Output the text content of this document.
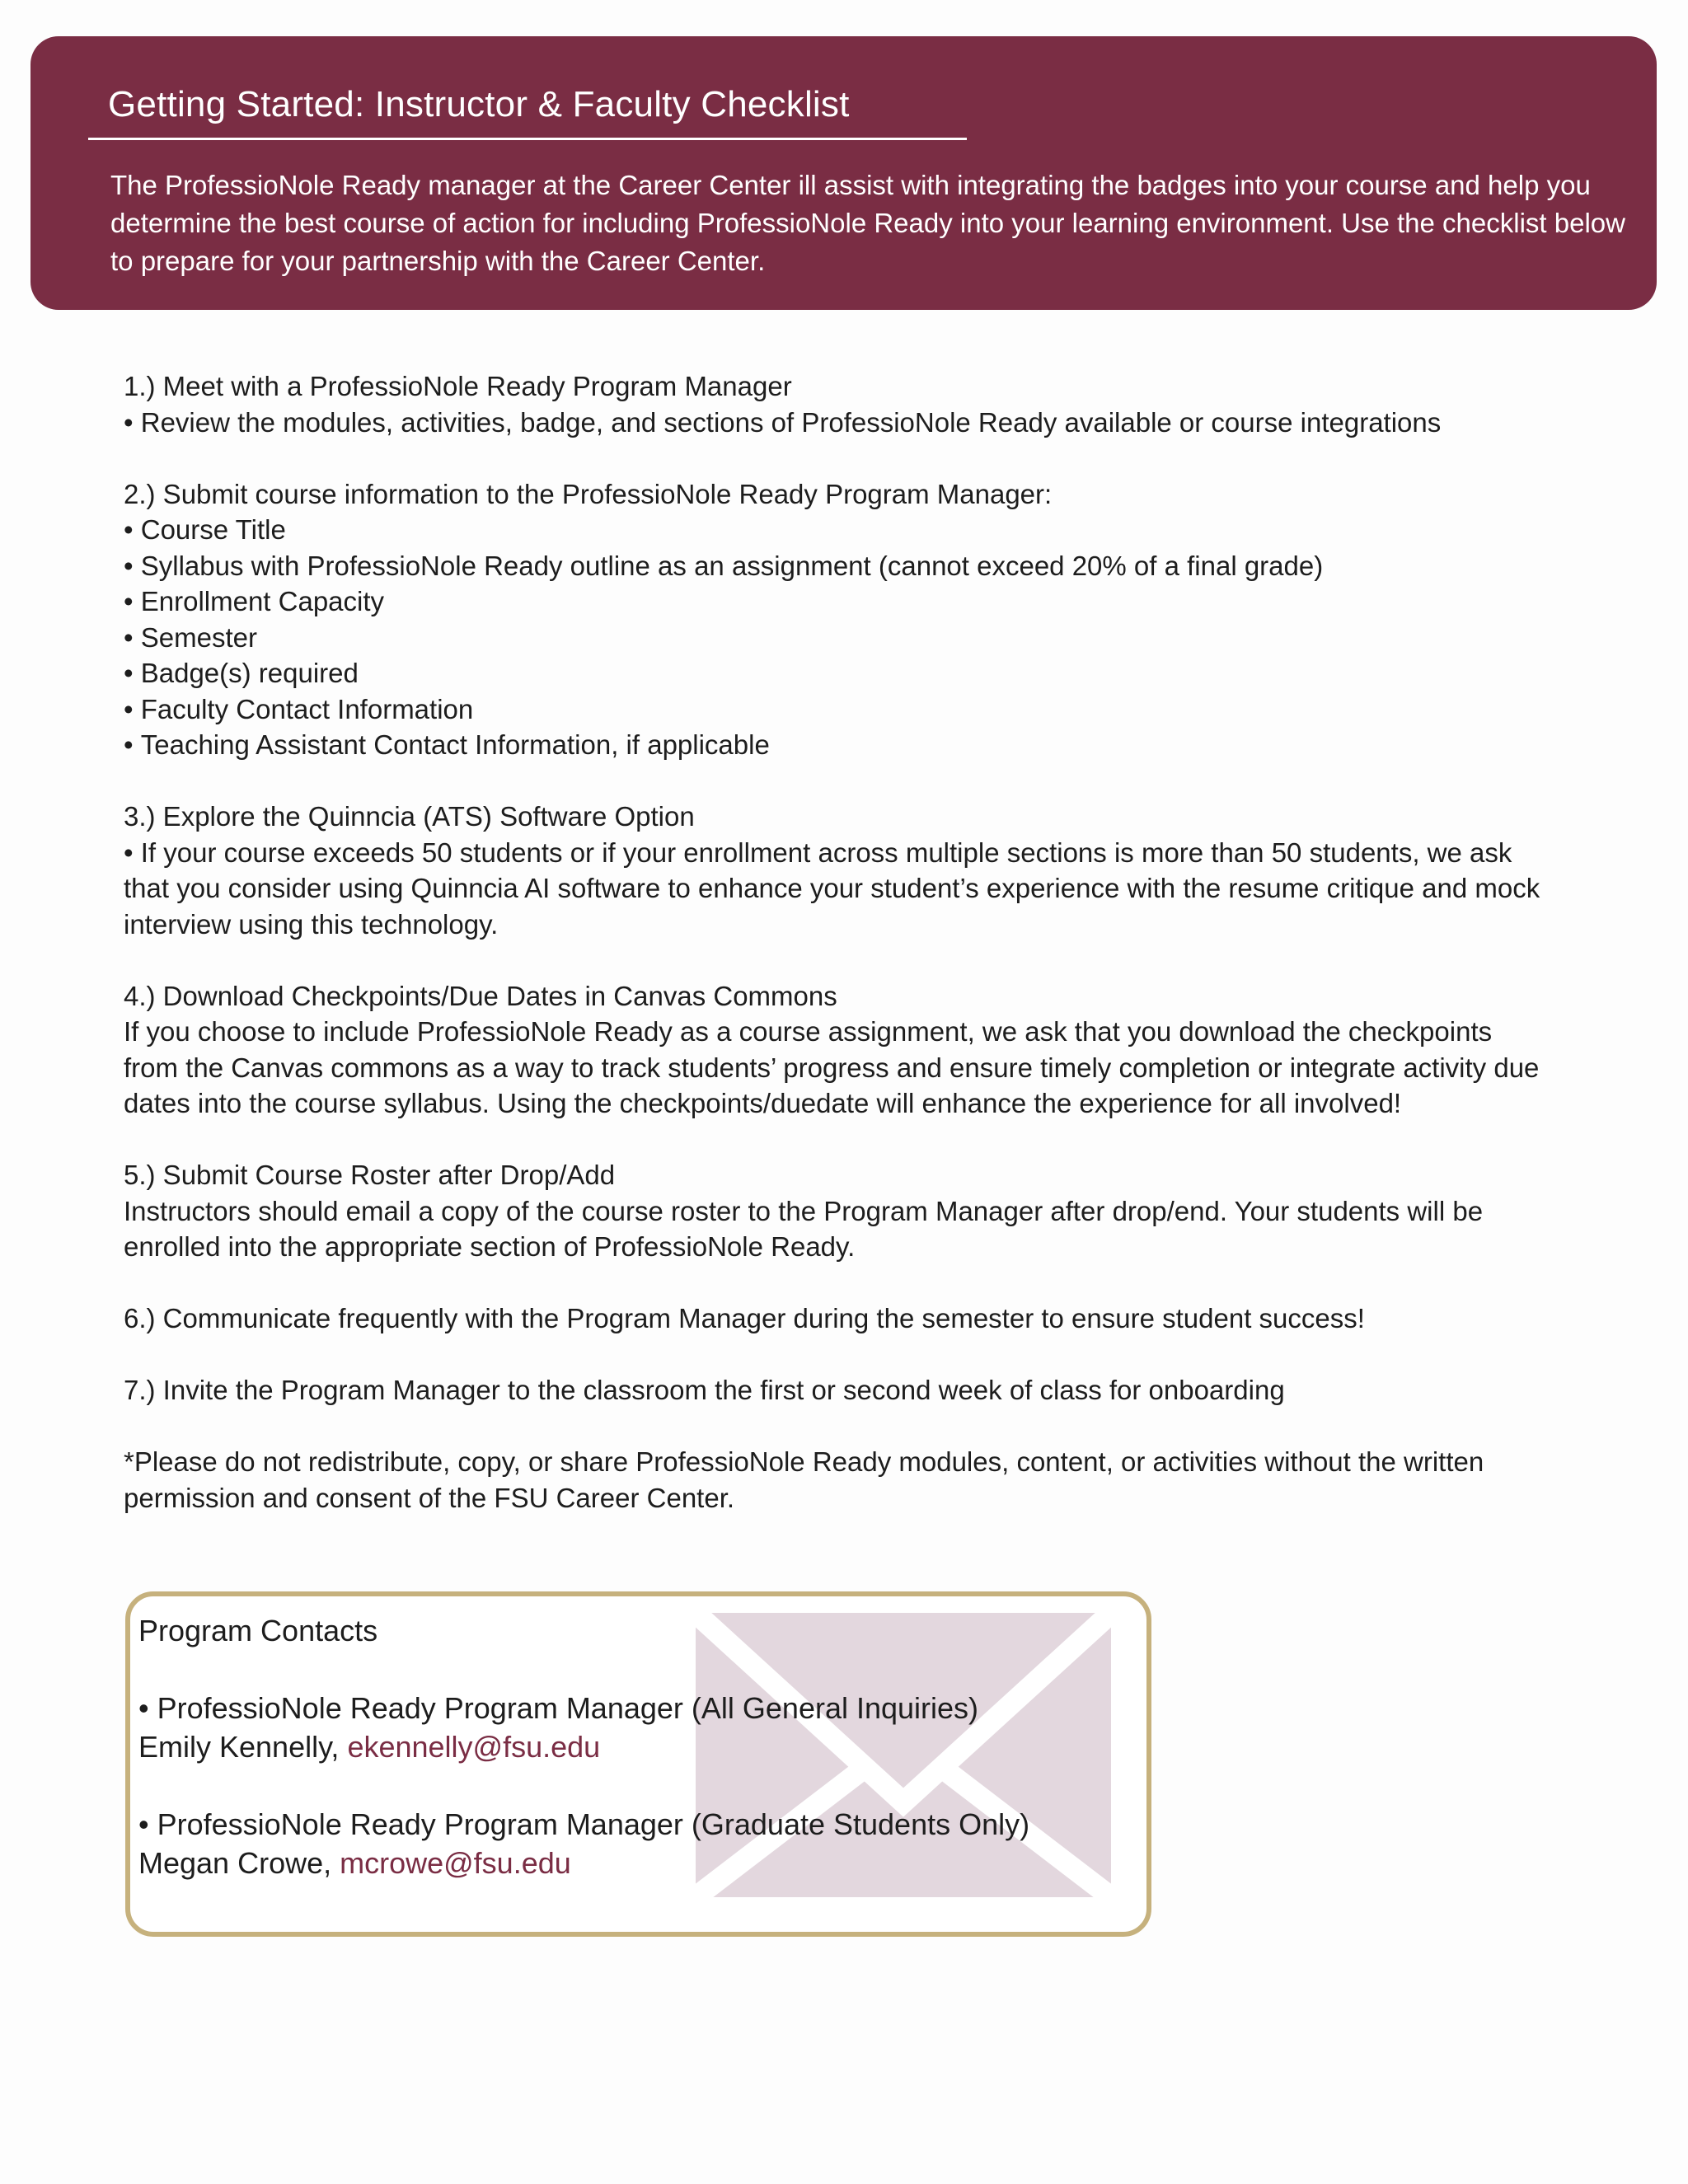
Getting Started: Instructor & Faculty Checklist

The ProfessioNole Ready manager at the Career Center ill assist with integrating the badges into your course and help you determine the best course of action for including ProfessioNole Ready into your learning environment. Use the checklist below to prepare for your partnership with the Career Center.

1.) Meet with a ProfessioNole Ready Program Manager

• Review the modules, activities, badge, and sections of ProfessioNole Ready available or course integrations

2.) Submit course information to the ProfessioNole Ready Program Manager:

• Course Title
• Syllabus with ProfessioNole Ready outline as an assignment (cannot exceed 20% of a final grade)
• Enrollment Capacity
• Semester
• Badge(s) required
• Faculty Contact Information
• Teaching Assistant Contact Information, if applicable

3.) Explore the Quinncia (ATS) Software Option

• If your course exceeds 50 students or if your enrollment across multiple sections is more than 50 students, we ask that you consider using Quinncia AI software to enhance your student’s experience with the resume critique and mock interview using this technology.

4.) Download Checkpoints/Due Dates in Canvas Commons

If you choose to include ProfessioNole Ready as a course assignment, we ask that you download the checkpoints from the Canvas commons as a way to track students’ progress and ensure timely completion or integrate activity due dates into the course syllabus. Using the checkpoints/duedate will enhance the experience for all involved!

5.) Submit Course Roster after Drop/Add

Instructors should email a copy of the course roster to the Program Manager after drop/end. Your students will be enrolled into the appropriate section of ProfessioNole Ready.

6.) Communicate frequently with the Program Manager during the semester to ensure student success!

7.) Invite the Program Manager to the classroom the first or second week of class for onboarding

*Please do not redistribute, copy, or share ProfessioNole Ready modules, content, or activities without the written permission and consent of the FSU Career Center.

Program Contacts

• ProfessioNole Ready Program Manager (All General Inquiries)

Emily Kennelly, ekennelly@fsu.edu

• ProfessioNole Ready Program Manager (Graduate Students Only)

Megan Crowe, mcrowe@fsu.edu
